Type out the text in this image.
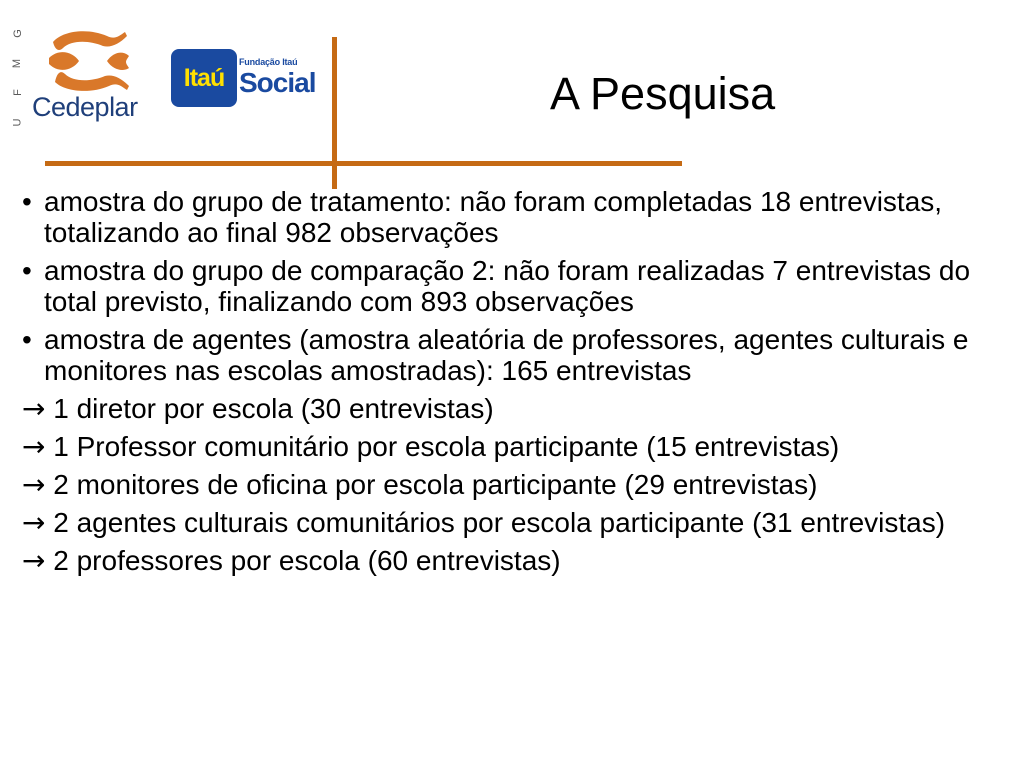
G
M
F
U
Cedeplar
Itaú
Fundação Itaú
Social	A Pesquisa
• amostra do grupo de tratamento: não foram completadas 18 entrevistas, totalizando ao final 982 observações
• amostra do grupo de comparação 2: não foram realizadas 7 entrevistas do total previsto, finalizando com 893 observações
• amostra de agentes (amostra aleatória de professores, agentes culturais e monitores nas escolas amostradas): 165 entrevistas
→ 1 diretor por escola (30 entrevistas)
→ 1 Professor comunitário por escola participante (15 entrevistas)
→ 2 monitores de oficina por escola participante (29 entrevistas)
→ 2 agentes culturais comunitários por escola participante (31 entrevistas)
→ 2 professores por escola (60 entrevistas)
